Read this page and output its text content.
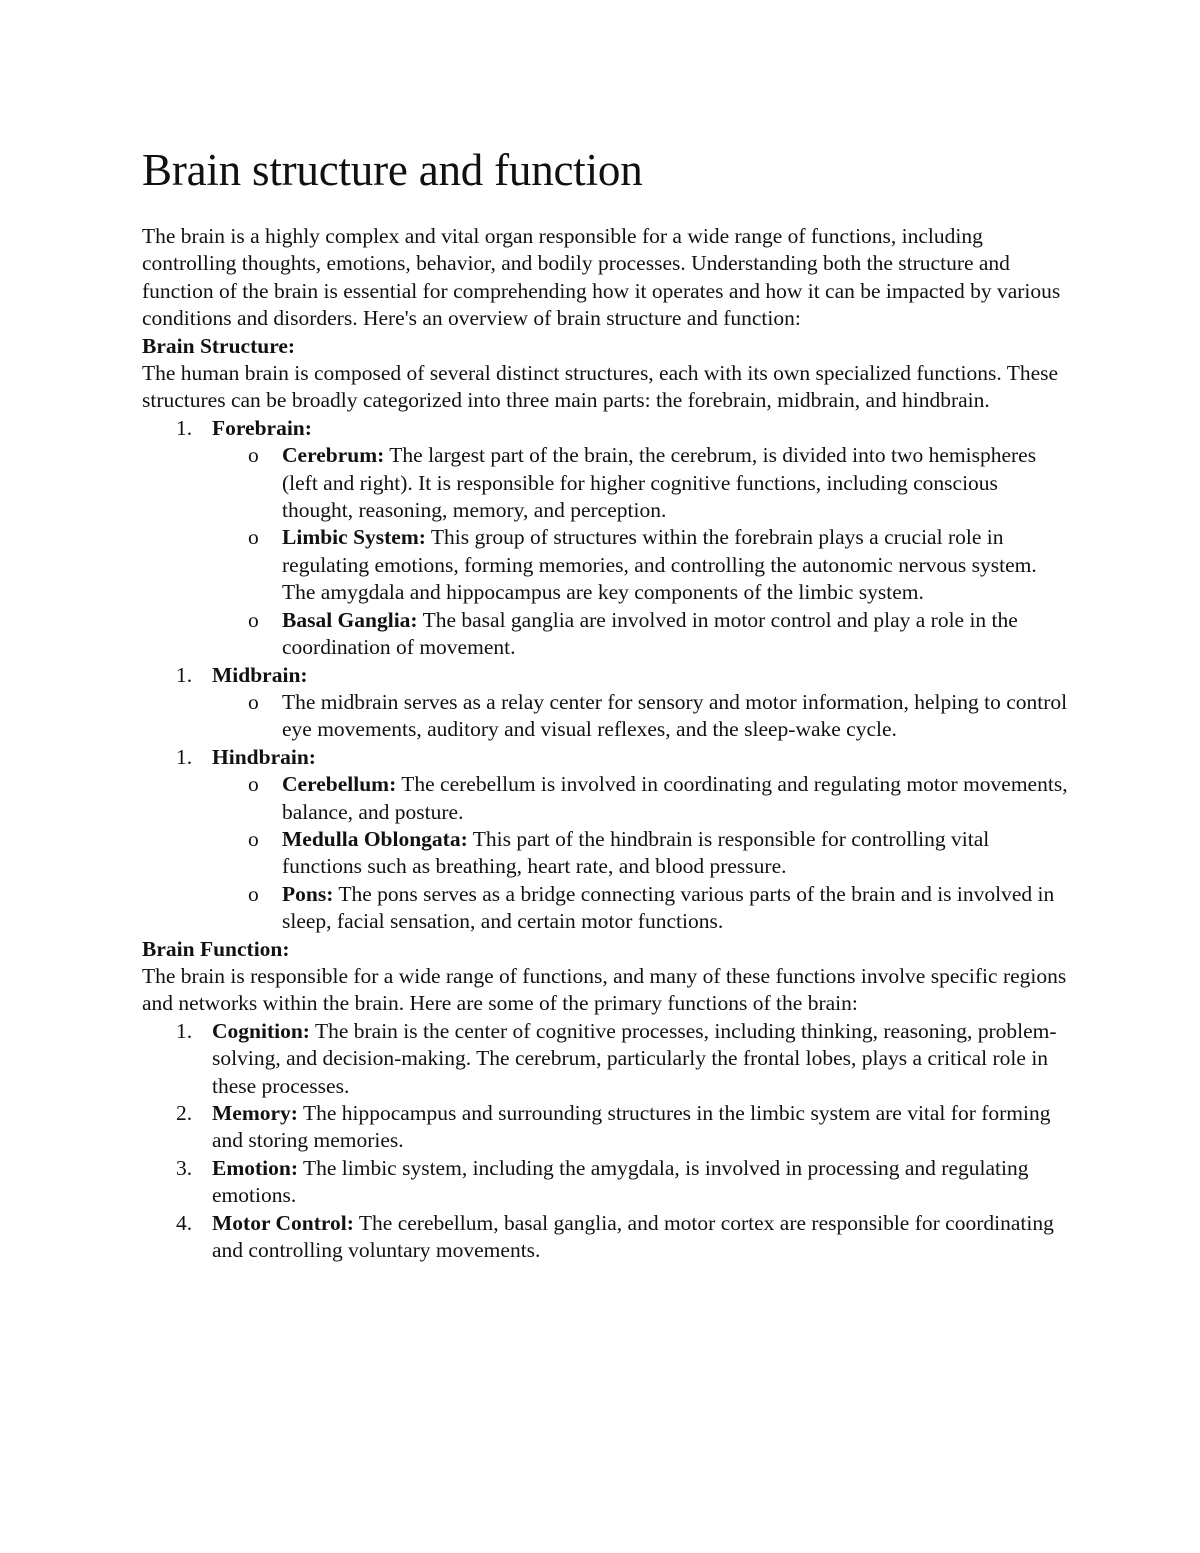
Brain structure and function

The brain is a highly complex and vital organ responsible for a wide range of functions, including controlling thoughts, emotions, behavior, and bodily processes. Understanding both the structure and function of the brain is essential for comprehending how it operates and how it can be impacted by various conditions and disorders. Here's an overview of brain structure and function:

Brain Structure:

The human brain is composed of several distinct structures, each with its own specialized functions. These structures can be broadly categorized into three main parts: the forebrain, midbrain, and hindbrain.

1. Forebrain:
o Cerebrum: The largest part of the brain, the cerebrum, is divided into two hemispheres (left and right). It is responsible for higher cognitive functions, including conscious thought, reasoning, memory, and perception.
o Limbic System: This group of structures within the forebrain plays a crucial role in regulating emotions, forming memories, and controlling the autonomic nervous system. The amygdala and hippocampus are key components of the limbic system.
o Basal Ganglia: The basal ganglia are involved in motor control and play a role in the coordination of movement.
1. Midbrain:
o The midbrain serves as a relay center for sensory and motor information, helping to control eye movements, auditory and visual reflexes, and the sleep-wake cycle.
1. Hindbrain:
o Cerebellum: The cerebellum is involved in coordinating and regulating motor movements, balance, and posture.
o Medulla Oblongata: This part of the hindbrain is responsible for controlling vital functions such as breathing, heart rate, and blood pressure.
o Pons: The pons serves as a bridge connecting various parts of the brain and is involved in sleep, facial sensation, and certain motor functions.

Brain Function:

The brain is responsible for a wide range of functions, and many of these functions involve specific regions and networks within the brain. Here are some of the primary functions of the brain:

1. Cognition: The brain is the center of cognitive processes, including thinking, reasoning, problem-solving, and decision-making. The cerebrum, particularly the frontal lobes, plays a critical role in these processes.
2. Memory: The hippocampus and surrounding structures in the limbic system are vital for forming and storing memories.
3. Emotion: The limbic system, including the amygdala, is involved in processing and regulating emotions.
4. Motor Control: The cerebellum, basal ganglia, and motor cortex are responsible for coordinating and controlling voluntary movements.
